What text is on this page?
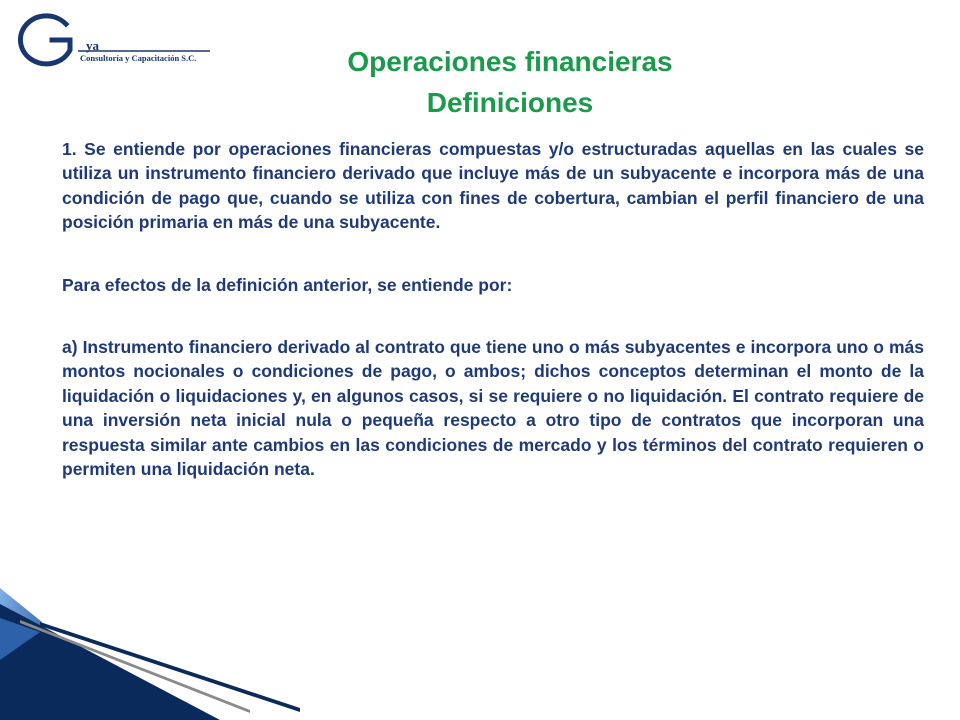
ya
Consultoría y Capacitación S.C.	Operaciones financieras
Definiciones

1. Se entiende por operaciones financieras compuestas y/o estructuradas aquellas en las cuales se utiliza un instrumento financiero derivado que incluye más de un subyacente e incorpora más de una condición de pago que, cuando se utiliza con fines de cobertura, cambian el perfil financiero de una posición primaria en más de una subyacente.

Para efectos de la definición anterior, se entiende por:

a) Instrumento financiero derivado al contrato que tiene uno o más subyacentes e incorpora uno o más montos nocionales o condiciones de pago, o ambos; dichos conceptos determinan el monto de la liquidación o liquidaciones y, en algunos casos, si se requiere o no liquidación. El contrato requiere de una inversión neta inicial nula o pequeña respecto a otro tipo de contratos que incorporan una respuesta similar ante cambios en las condiciones de mercado y los términos del contrato requieren o permiten una liquidación neta.
